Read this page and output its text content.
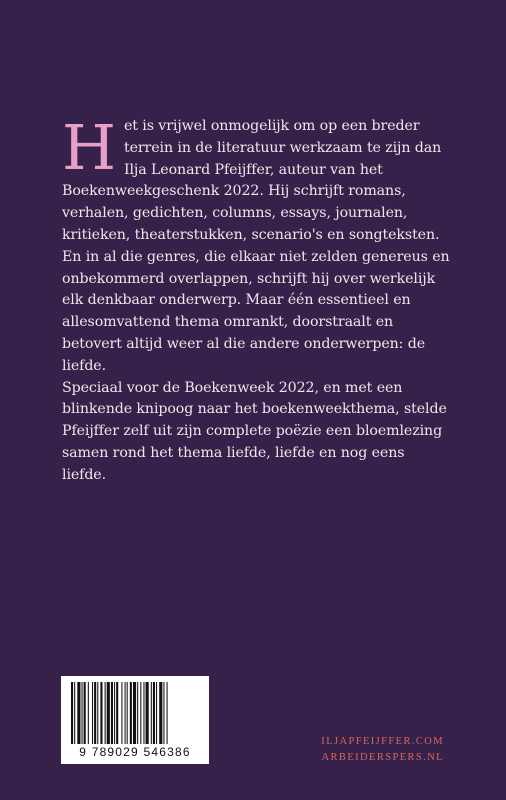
Het is vrijwel onmogelijk om op een breder terrein in de literatuur werkzaam te zijn dan Ilja Leonard Pfeijffer, auteur van het Boekenweekgeschenk 2022. Hij schrijft romans, verhalen, gedichten, columns, essays, journalen, kritieken, theaterstukken, scenario's en songteksten. En in al die genres, die elkaar niet zelden genereus en onbekommerd overlappen, schrijft hij over werkelijk elk denkbaar onderwerp. Maar één essentieel en allesomvattend thema omrankt, doorstraalt en betovert altijd weer al die andere onderwerpen: de liefde.

Speciaal voor de Boekenweek 2022, en met een blinkende knipoog naar het boekenweekthema, stelde Pfeijffer zelf uit zijn complete poëzie een bloemlezing samen rond het thema liefde, liefde en nog eens liefde.

9 789029 546386
ILJAPFEIJFFER.COM
ARBEIDERSPERS.NL
